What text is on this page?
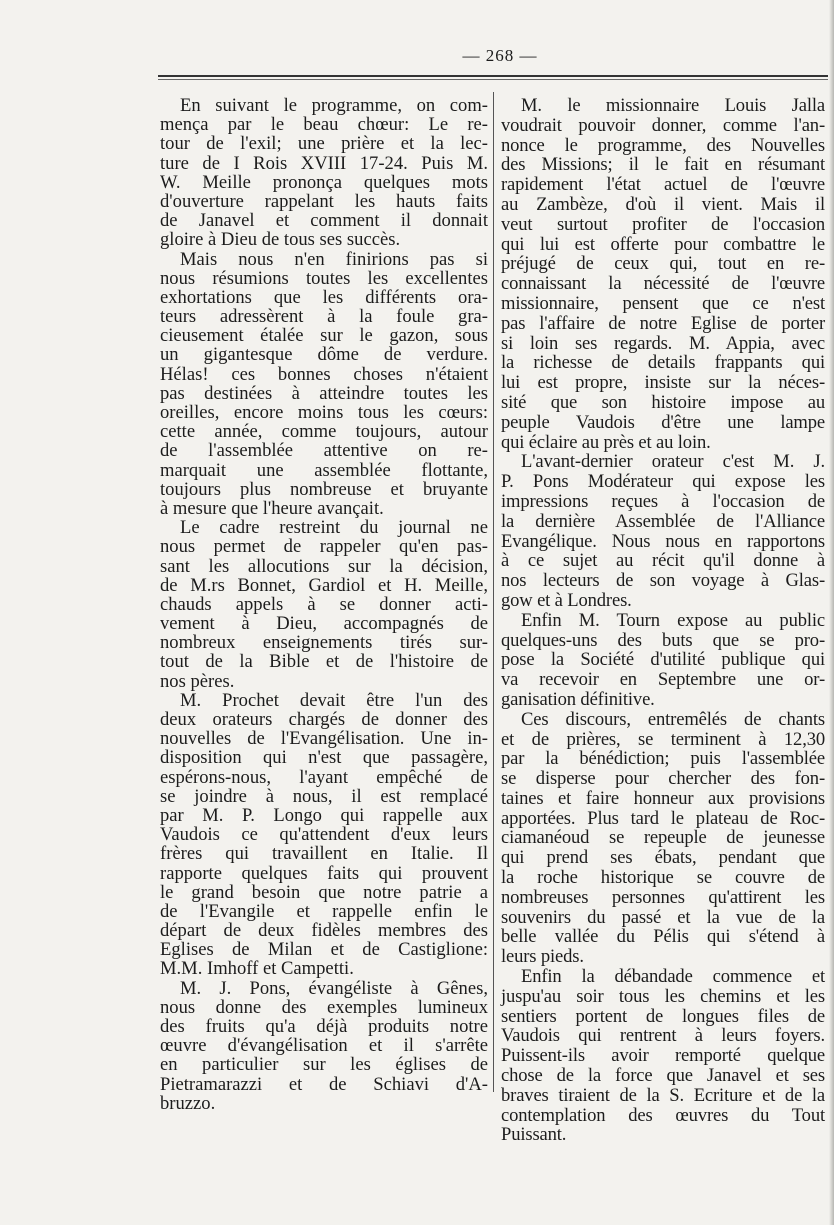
— 268 —
En suivant le programme, on com-
mença par le beau chœur: Le re-
tour de l'exil; une prière et la lec-
ture de I Rois XVIII 17-24. Puis M.
W. Meille prononça quelques mots
d'ouverture rappelant les hauts faits
de Janavel et comment il donnait
gloire à Dieu de tous ses succès.
Mais nous n'en finirions pas si
nous résumions toutes les excellentes
exhortations que les différents ora-
teurs adressèrent à la foule gra-
cieusement étalée sur le gazon, sous
un gigantesque dôme de verdure.
Hélas! ces bonnes choses n'étaient
pas destinées à atteindre toutes les
oreilles, encore moins tous les cœurs:
cette année, comme toujours, autour
de l'assemblée attentive on re-
marquait une assemblée flottante,
toujours plus nombreuse et bruyante
à mesure que l'heure avançait.
Le cadre restreint du journal ne
nous permet de rappeler qu'en pas-
sant les allocutions sur la décision,
de M.rs Bonnet, Gardiol et H. Meille,
chauds appels à se donner acti-
vement à Dieu, accompagnés de
nombreux enseignements tirés sur-
tout de la Bible et de l'histoire de
nos pères.
M. Prochet devait être l'un des
deux orateurs chargés de donner des
nouvelles de l'Evangélisation. Une in-
disposition qui n'est que passagère,
espérons-nous, l'ayant empêché de
se joindre à nous, il est remplacé
par M. P. Longo qui rappelle aux
Vaudois ce qu'attendent d'eux leurs
frères qui travaillent en Italie. Il
rapporte quelques faits qui prouvent
le grand besoin que notre patrie a
de l'Evangile et rappelle enfin le
départ de deux fidèles membres des
Eglises de Milan et de Castiglione:
M.M. Imhoff et Campetti.
M. J. Pons, évangéliste à Gênes,
nous donne des exemples lumineux
des fruits qu'a déjà produits notre
œuvre d'évangélisation et il s'arrête
en particulier sur les églises de
Pietramarazzi et de Schiavi d'A-
bruzzo.
M. le missionnaire Louis Jalla
voudrait pouvoir donner, comme l'an-
nonce le programme, des Nouvelles
des Missions; il le fait en résumant
rapidement l'état actuel de l'œuvre
au Zambèze, d'où il vient. Mais il
veut surtout profiter de l'occasion
qui lui est offerte pour combattre le
préjugé de ceux qui, tout en re-
connaissant la nécessité de l'œuvre
missionnaire, pensent que ce n'est
pas l'affaire de notre Eglise de porter
si loin ses regards. M. Appia, avec
la richesse de details frappants qui
lui est propre, insiste sur la néces-
sité que son histoire impose au
peuple Vaudois d'être une lampe
qui éclaire au près et au loin.
L'avant-dernier orateur c'est M. J.
P. Pons Modérateur qui expose les
impressions reçues à l'occasion de
la dernière Assemblée de l'Alliance
Evangélique. Nous nous en rapportons
à ce sujet au récit qu'il donne à
nos lecteurs de son voyage à Glas-
gow et à Londres.
Enfin M. Tourn expose au public
quelques-uns des buts que se pro-
pose la Société d'utilité publique qui
va recevoir en Septembre une or-
ganisation définitive.
Ces discours, entremêlés de chants
et de prières, se terminent à 12,30
par la bénédiction; puis l'assemblée
se disperse pour chercher des fon-
taines et faire honneur aux provisions
apportées. Plus tard le plateau de Roc-
ciamanéoud se repeuple de jeunesse
qui prend ses ébats, pendant que
la roche historique se couvre de
nombreuses personnes qu'attirent les
souvenirs du passé et la vue de la
belle vallée du Pélis qui s'étend à
leurs pieds.
Enfin la débandade commence et
juspu'au soir tous les chemins et les
sentiers portent de longues files de
Vaudois qui rentrent à leurs foyers.
Puissent-ils avoir remporté quelque
chose de la force que Janavel et ses
braves tiraient de la S. Ecriture et de la
contemplation des œuvres du Tout
Puissant.
